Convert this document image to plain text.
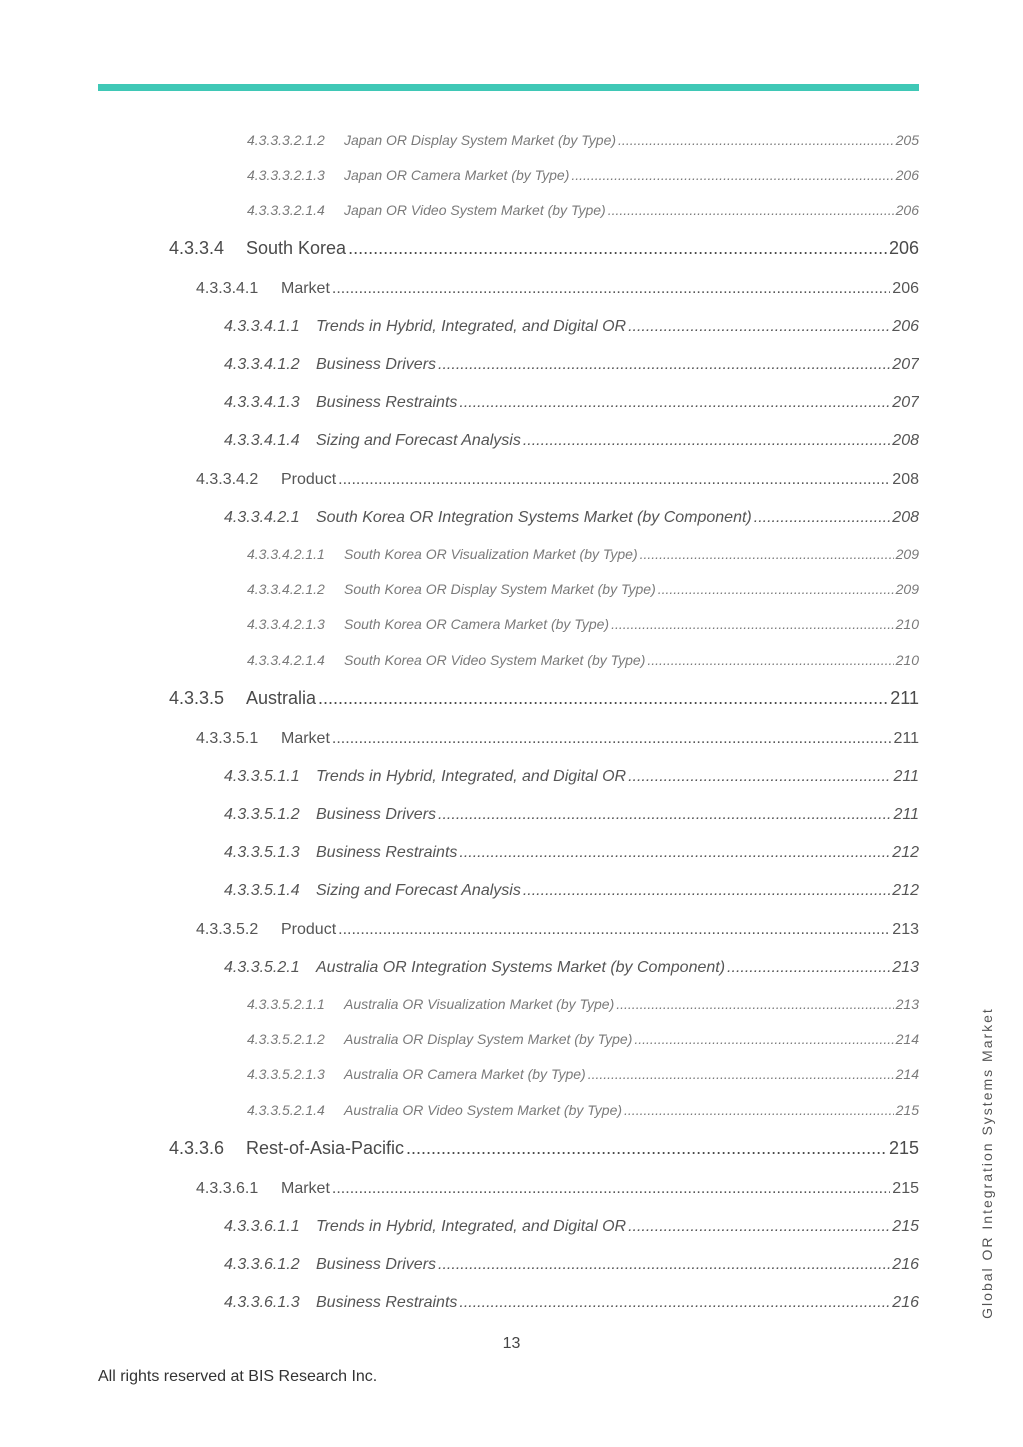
4.3.3.3.2.1.2	Japan OR Display System Market (by Type) .....	205
4.3.3.3.2.1.3	Japan OR Camera Market (by Type) .....	206
4.3.3.3.2.1.4	Japan OR Video System Market (by Type) .....	206
4.3.3.4	South Korea .....	206
4.3.3.4.1	Market .....	206
4.3.3.4.1.1	Trends in Hybrid, Integrated, and Digital OR .....	206
4.3.3.4.1.2	Business Drivers .....	207
4.3.3.4.1.3	Business Restraints .....	207
4.3.3.4.1.4	Sizing and Forecast Analysis .....	208
4.3.3.4.2	Product .....	208
4.3.3.4.2.1	South Korea OR Integration Systems Market (by Component) .....	208
4.3.3.4.2.1.1	South Korea OR Visualization Market (by Type) .....	209
4.3.3.4.2.1.2	South Korea OR Display System Market (by Type) .....	209
4.3.3.4.2.1.3	South Korea OR Camera Market (by Type) .....	210
4.3.3.4.2.1.4	South Korea OR Video System Market (by Type) .....	210
4.3.3.5	Australia .....	211
4.3.3.5.1	Market .....	211
4.3.3.5.1.1	Trends in Hybrid, Integrated, and Digital OR .....	211
4.3.3.5.1.2	Business Drivers .....	211
4.3.3.5.1.3	Business Restraints .....	212
4.3.3.5.1.4	Sizing and Forecast Analysis .....	212
4.3.3.5.2	Product .....	213
4.3.3.5.2.1	Australia OR Integration Systems Market (by Component) .....	213
4.3.3.5.2.1.1	Australia OR Visualization Market (by Type) .....	213
4.3.3.5.2.1.2	Australia OR Display System Market (by Type) .....	214
4.3.3.5.2.1.3	Australia OR Camera Market (by Type) .....	214
4.3.3.5.2.1.4	Australia OR Video System Market (by Type) .....	215
4.3.3.6	Rest-of-Asia-Pacific .....	215
4.3.3.6.1	Market .....	215
4.3.3.6.1.1	Trends in Hybrid, Integrated, and Digital OR .....	215
4.3.3.6.1.2	Business Drivers .....	216
4.3.3.6.1.3	Business Restraints .....	216
13
All rights reserved at BIS Research Inc.
Global OR Integration Systems Market
